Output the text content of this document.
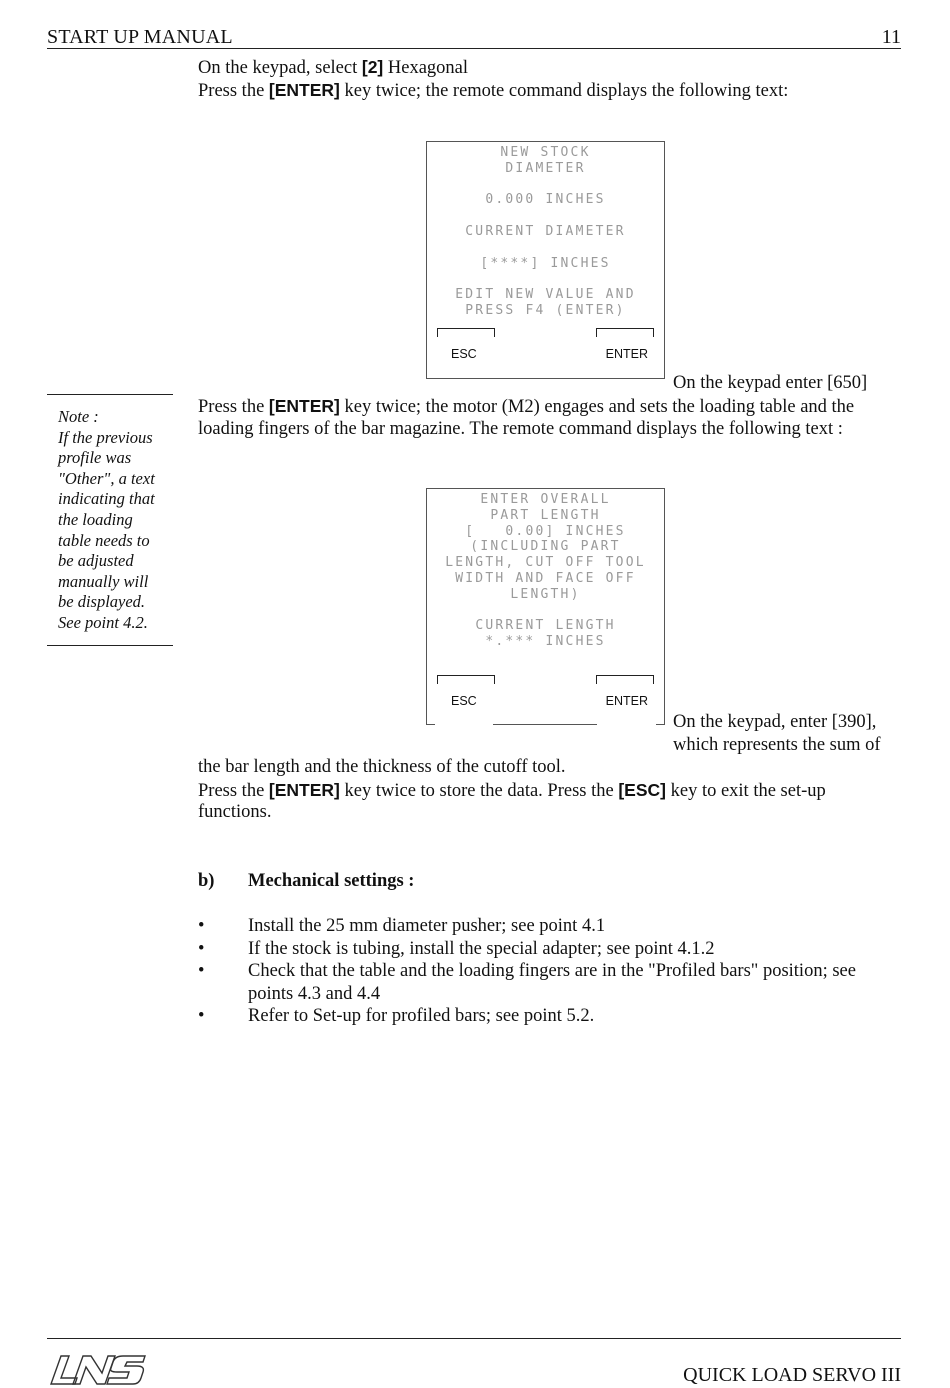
START UP MANUAL	11
On the keypad, select [2] Hexagonal
Press the [ENTER] key twice; the remote command displays the following text:
NEW STOCK
DIAMETER
0.000 INCHES
CURRENT DIAMETER
[****] INCHES
EDIT NEW VALUE AND
PRESS F4 (ENTER)
ESC	ENTER
On the keypad enter [650]
Press the [ENTER] key twice; the motor (M2) engages and sets the loading table and the
loading fingers of the bar magazine. The remote command displays the following text :
Note :
If the previous
profile was
"Other", a text
indicating that
the loading
table needs to
be adjusted
manually will
be displayed.
See point 4.2.
ENTER OVERALL
PART LENGTH
[   0.00] INCHES
(INCLUDING PART
LENGTH, CUT OFF TOOL
WIDTH AND FACE OFF
LENGTH)
CURRENT LENGTH
*.*** INCHES
ESC	ENTER
On the keypad, enter [390],
which represents the sum of
the bar length and the thickness of the cutoff tool.
Press the [ENTER] key twice to store the data. Press the [ESC] key to exit the set-up
functions.
b) Mechanical settings :
• Install the 25 mm diameter pusher; see point 4.1
• If the stock is tubing, install the special adapter; see point 4.1.2
• Check that the table and the loading fingers are in the "Profiled bars" position; see points 4.3 and 4.4
• Refer to Set-up for profiled bars; see point 5.2.
QUICK LOAD SERVO III
